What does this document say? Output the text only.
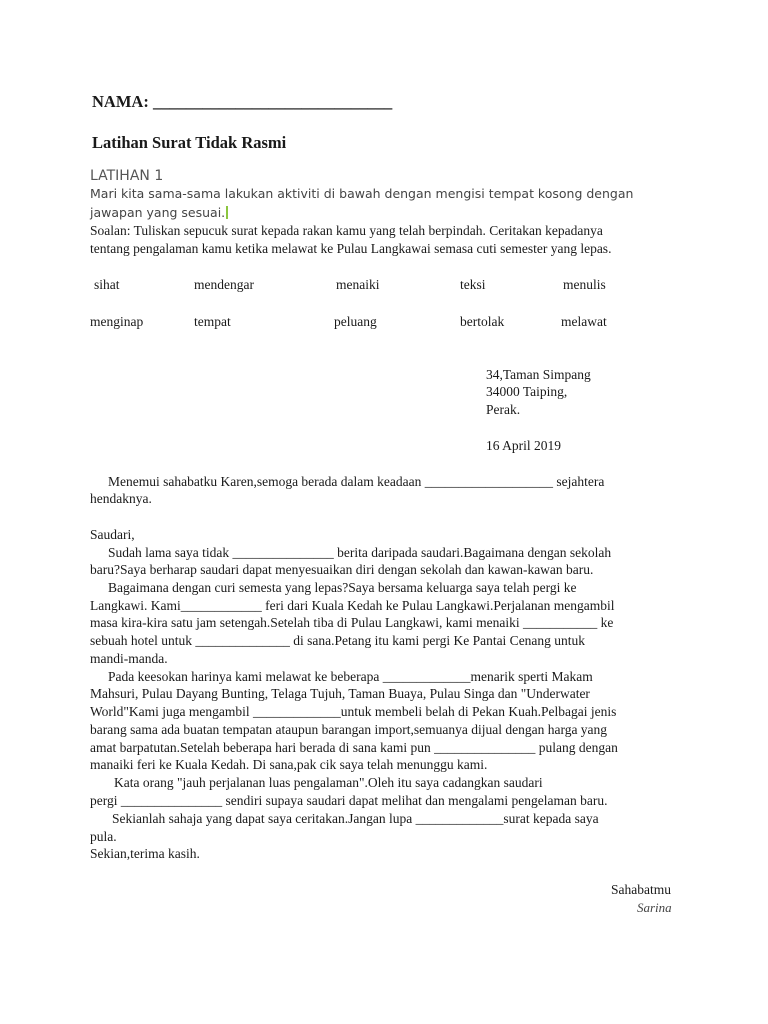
NAMA: _____________________________
Latihan Surat Tidak Rasmi
LATIHAN 1
Mari kita sama-sama lakukan aktiviti di bawah dengan mengisi tempat kosong dengan jawapan yang sesuai.
Soalan: Tuliskan sepucuk surat kepada rakan kamu yang telah berpindah. Ceritakan kepadanya
tentang pengalaman kamu ketika melawat ke Pulau Langkawai semasa cuti semester yang lepas.
sihat	mendengar	menaiki	teksi	menulis
menginap	tempat	peluang	bertolak	melawat
34,Taman Simpang
34000 Taiping,
Perak.
16 April 2019
Menemui sahabatku Karen,semoga berada dalam keadaan ___________________ sejahtera
hendaknya.
Saudari,
Sudah lama saya tidak _______________ berita daripada saudari.Bagaimana dengan sekolah
baru?Saya berharap saudari dapat menyesuaikan diri dengan sekolah dan kawan-kawan baru.
Bagaimana dengan curi semesta yang lepas?Saya bersama keluarga saya telah pergi ke
Langkawi. Kami____________ feri dari Kuala Kedah ke Pulau Langkawi.Perjalanan mengambil
masa kira-kira satu jam setengah.Setelah tiba di Pulau Langkawi, kami menaiki ___________ ke
sebuah hotel untuk ______________ di sana.Petang itu kami pergi Ke Pantai Cenang untuk
mandi-manda.
Pada keesokan harinya kami melawat ke beberapa _____________menarik sperti Makam
Mahsuri, Pulau Dayang Bunting, Telaga Tujuh, Taman Buaya, Pulau Singa dan "Underwater
World"Kami juga mengambil _____________untuk membeli belah di Pekan Kuah.Pelbagai jenis
barang sama ada buatan tempatan ataupun barangan import,semuanya dijual dengan harga yang
amat barpatutan.Setelah beberapa hari berada di sana kami pun _______________ pulang dengan
manaiki feri ke Kuala Kedah. Di sana,pak cik saya telah menunggu kami.
Kata orang "jauh perjalanan luas pengalaman".Oleh itu saya cadangkan saudari
pergi _______________ sendiri supaya saudari dapat melihat dan mengalami pengelaman baru.
Sekianlah sahaja yang dapat saya ceritakan.Jangan lupa _____________surat kepada saya
pula.
Sekian,terima kasih.
Sahabatmu
Sarina
